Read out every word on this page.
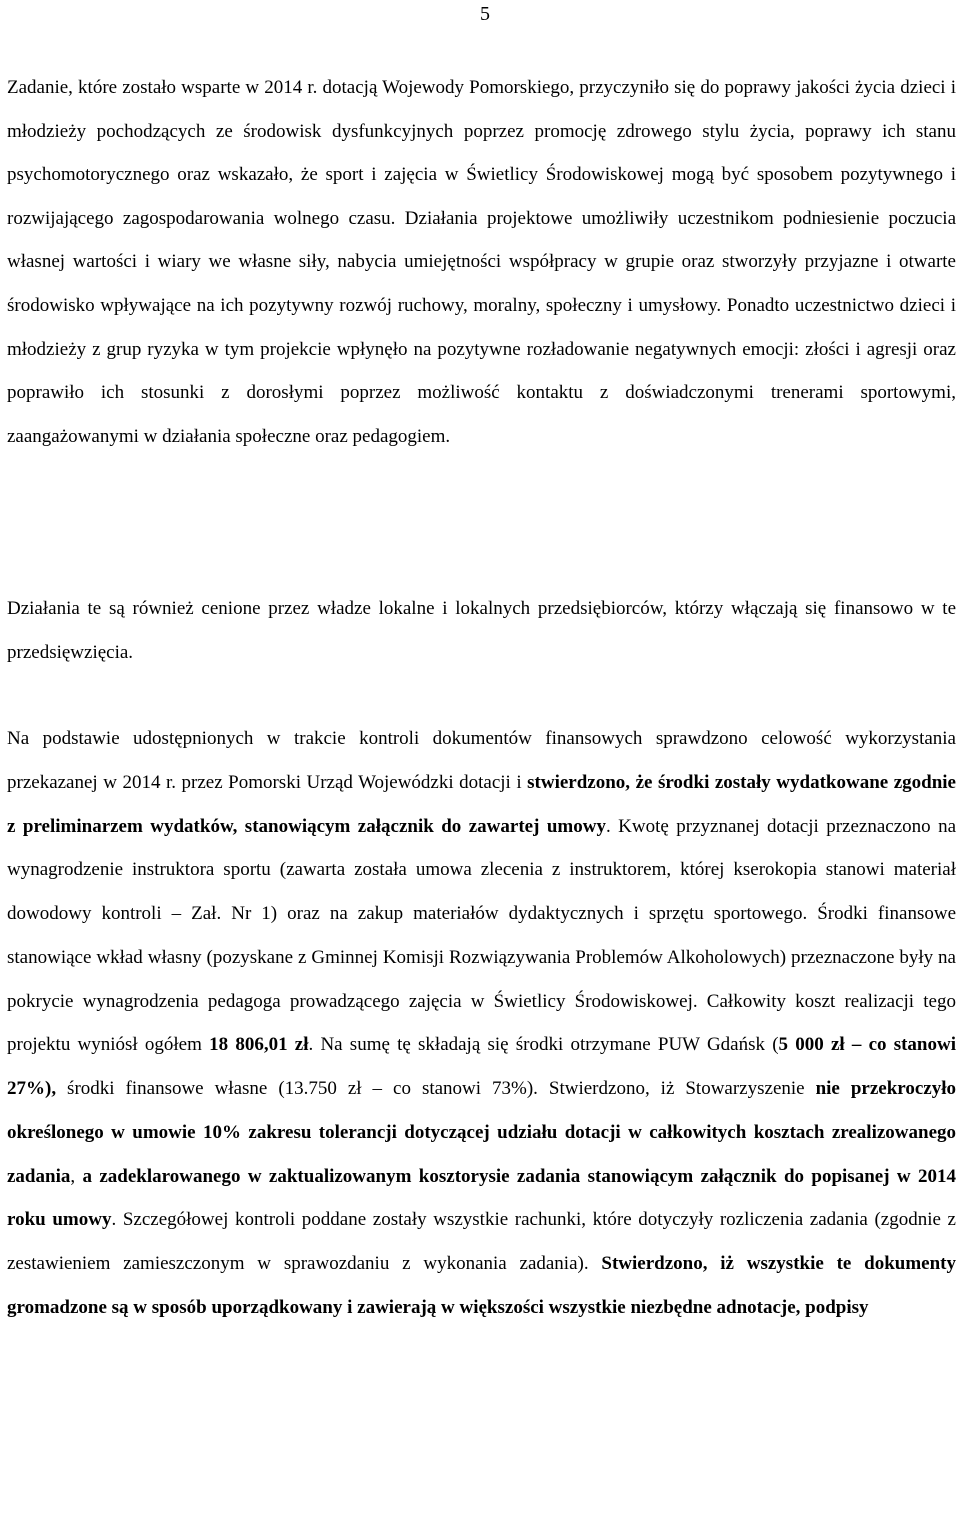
5

Zadanie, które zostało wsparte w 2014 r. dotacją Wojewody Pomorskiego, przyczyniło się do poprawy jakości życia dzieci i młodzieży pochodzących ze środowisk dysfunkcyjnych poprzez promocję zdrowego stylu życia, poprawy ich stanu psychomotorycznego oraz wskazało, że sport i zajęcia w Świetlicy Środowiskowej mogą być sposobem pozytywnego i rozwijającego zagospodarowania wolnego czasu. Działania projektowe umożliwiły uczestnikom podniesienie poczucia własnej wartości i wiary we własne siły, nabycia umiejętności współpracy w grupie oraz stworzyły przyjazne i otwarte środowisko wpływające na ich pozytywny rozwój ruchowy, moralny, społeczny i umysłowy. Ponadto uczestnictwo dzieci i młodzieży z grup ryzyka w tym projekcie wpłynęło na pozytywne rozładowanie negatywnych emocji: złości i agresji oraz poprawiło ich stosunki z dorosłymi poprzez możliwość kontaktu z doświadczonymi trenerami sportowymi, zaangażowanymi w działania społeczne oraz pedagogiem.

Działania te są również cenione przez władze lokalne i lokalnych przedsiębiorców, którzy włączają się finansowo w te przedsięwzięcia.

Na podstawie udostępnionych w trakcie kontroli dokumentów finansowych sprawdzono celowość wykorzystania przekazanej w 2014 r. przez Pomorski Urząd Wojewódzki dotacji i stwierdzono, że środki zostały wydatkowane zgodnie z preliminarzem wydatków, stanowiącym załącznik do zawartej umowy. Kwotę przyznanej dotacji przeznaczono na wynagrodzenie instruktora sportu (zawarta została umowa zlecenia z instruktorem, której kserokopia stanowi materiał dowodowy kontroli – Zał. Nr 1) oraz na zakup materiałów dydaktycznych i sprzętu sportowego. Środki finansowe stanowiące wkład własny (pozyskane z Gminnej Komisji Rozwiązywania Problemów Alkoholowych) przeznaczone były na pokrycie wynagrodzenia pedagoga prowadzącego zajęcia w Świetlicy Środowiskowej. Całkowity koszt realizacji tego projektu wyniósł ogółem 18 806,01 zł. Na sumę tę składają się środki otrzymane PUW Gdańsk (5 000 zł – co stanowi 27%), środki finansowe własne (13.750 zł – co stanowi 73%). Stwierdzono, iż Stowarzyszenie nie przekroczyło określonego w umowie 10% zakresu tolerancji dotyczącej udziału dotacji w całkowitych kosztach zrealizowanego zadania, a zadeklarowanego w zaktualizowanym kosztorysie zadania stanowiącym załącznik do popisanej w 2014 roku umowy. Szczegółowej kontroli poddane zostały wszystkie rachunki, które dotyczyły rozliczenia zadania (zgodnie z zestawieniem zamieszczonym w sprawozdaniu z wykonania zadania). Stwierdzono, iż wszystkie te dokumenty gromadzone są w sposób uporządkowany i zawierają w większości wszystkie niezbędne adnotacje, podpisy
